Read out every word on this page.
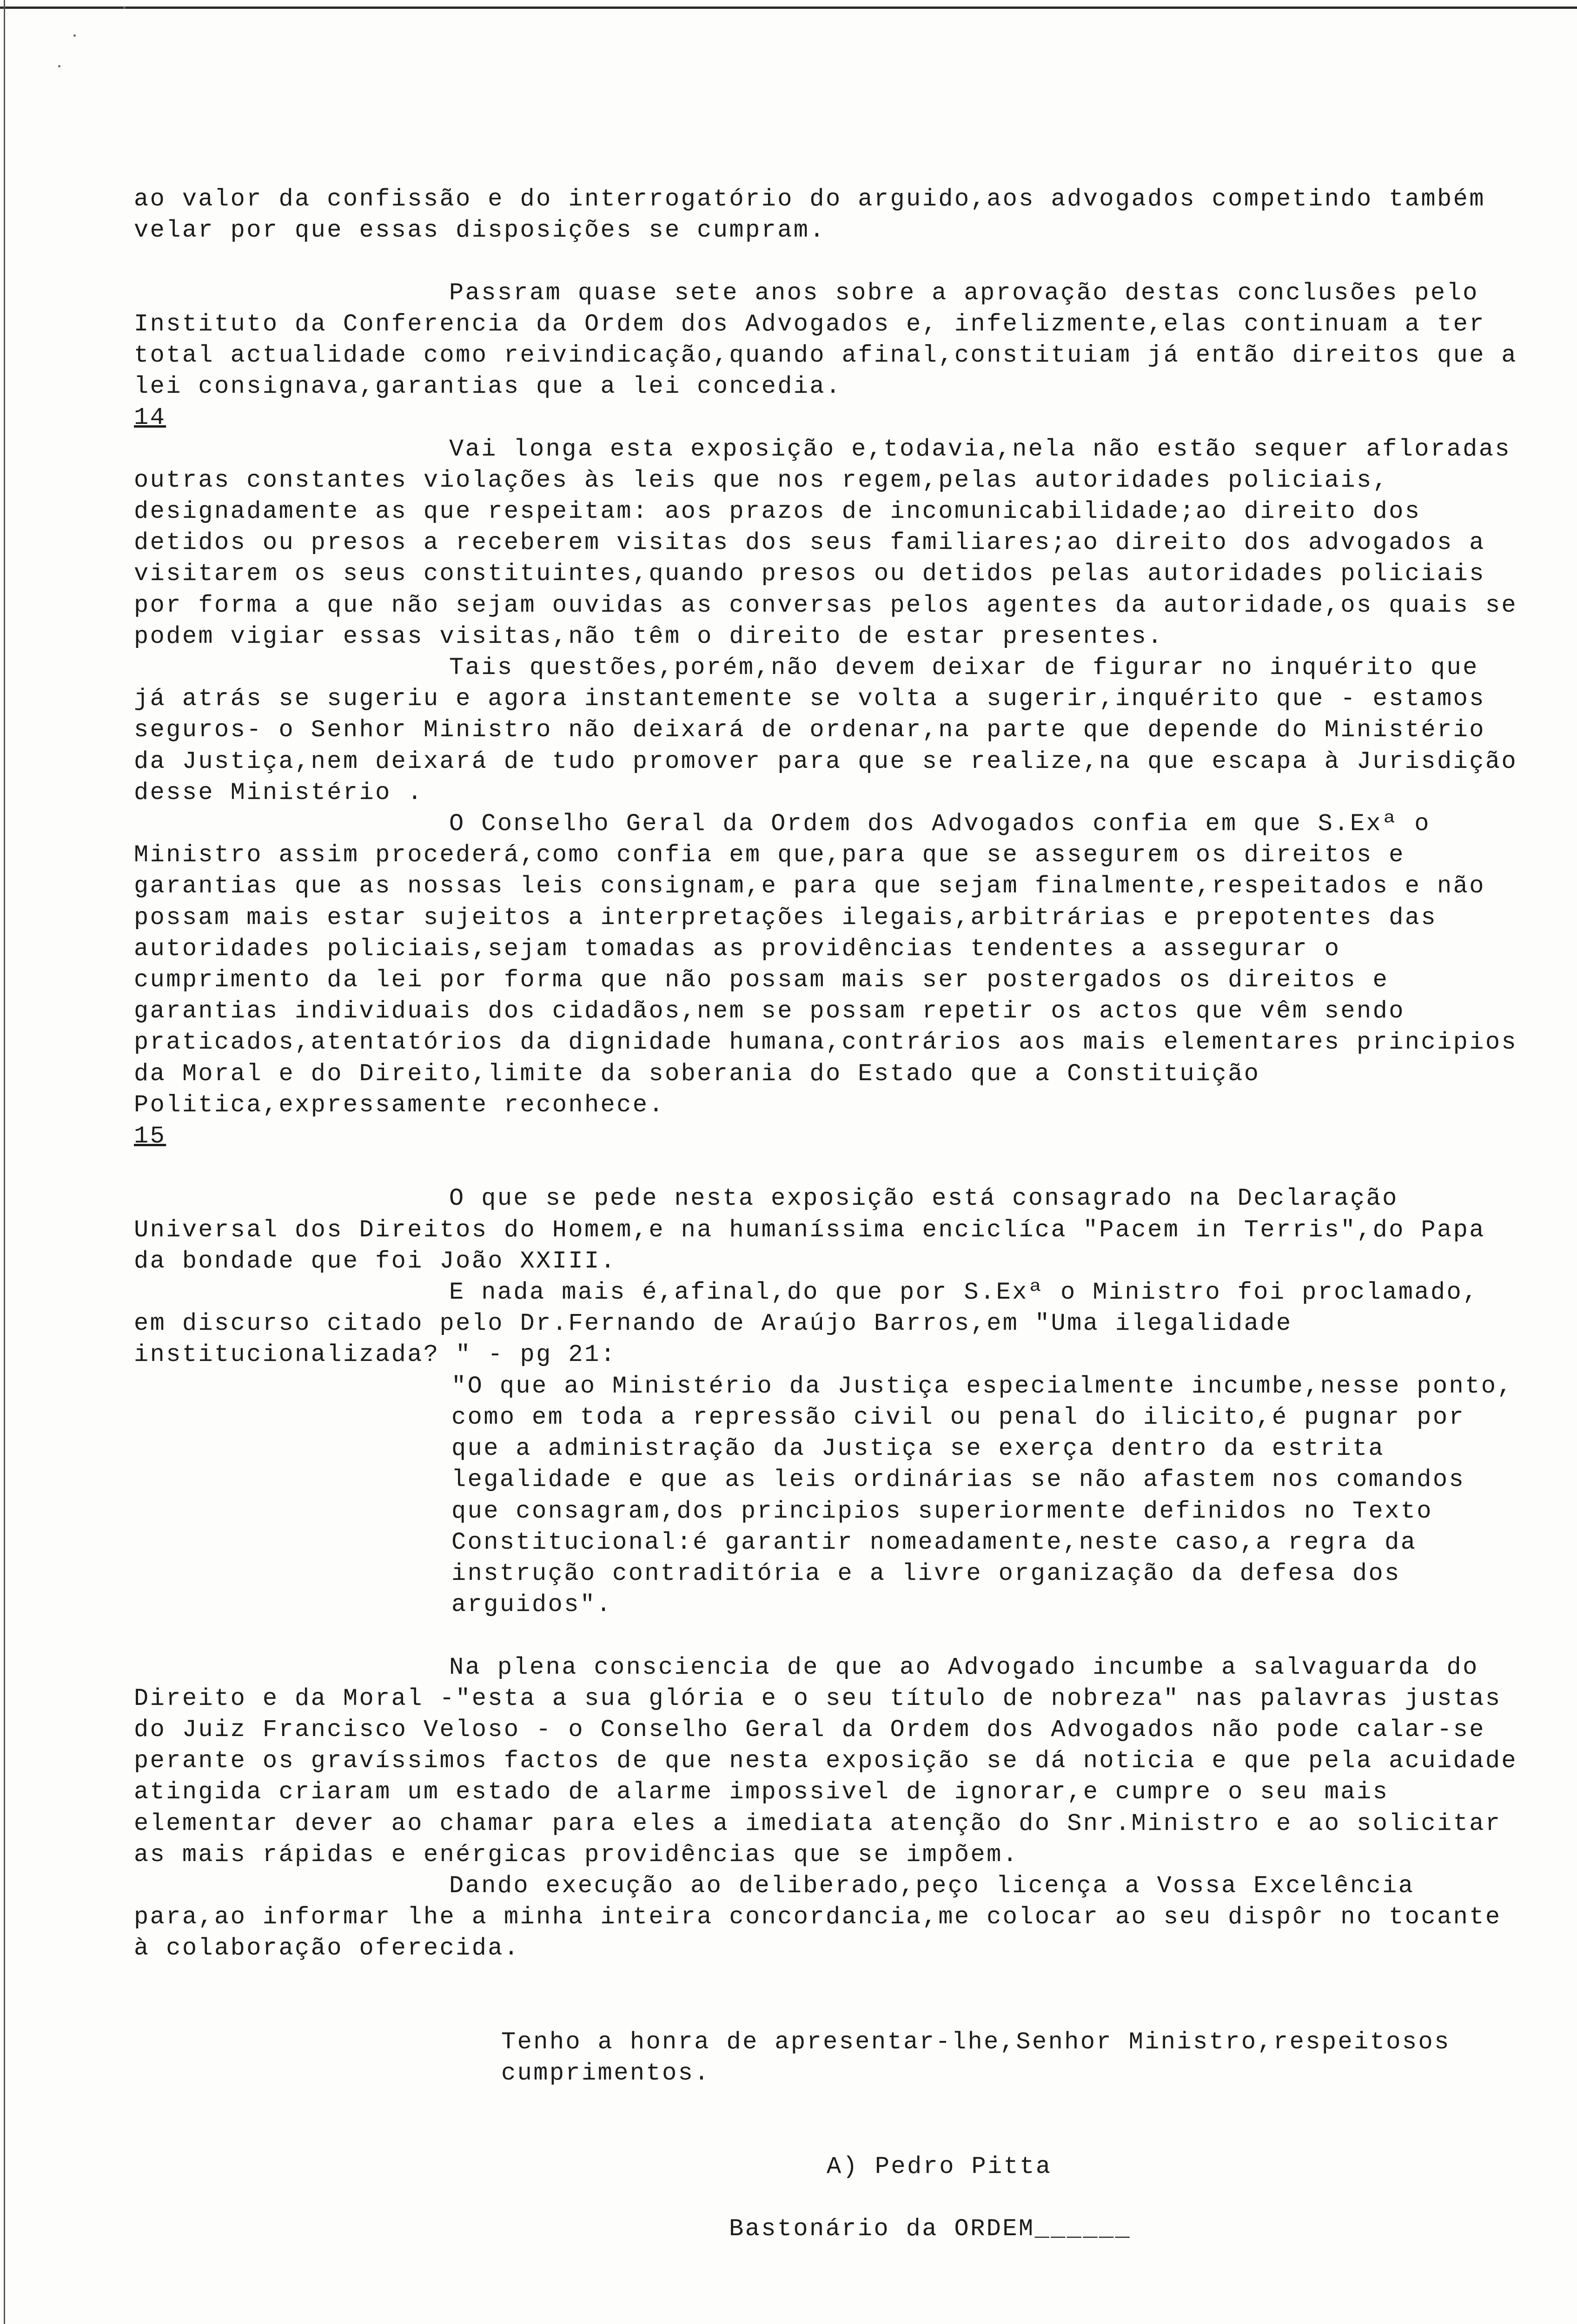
ao valor da confissão e do interrogatório do arguido,aos advogados competindo também velar por que essas disposições se cumpram.

Passram quase sete anos sobre a aprovação destas conclusões pelo Instituto da Conferencia da Ordem dos Advogados e, infelizmente,elas continuam a ter total actualidade como reivindicação,quando afinal,constituiam já então direitos que a lei consignava,garantias que a lei concedia.

14

Vai longa esta exposição e,todavia,nela não estão sequer afloradas outras constantes violações às leis que nos regem,pelas autoridades policiais, designadamente as que respeitam: aos prazos de incomunicabilidade;ao direito dos detidos ou presos a receberem visitas dos seus familiares;ao direito dos advogados a visitarem os seus constituintes,quando presos ou detidos pelas autoridades policiais por forma a que não sejam ouvidas as conversas pelos agentes da autoridade,os quais se podem vigiar essas visitas,não têm o direito de estar presentes.

Tais questões,porém,não devem deixar de figurar no inquérito que já atrás se sugeriu e agora instantemente se volta a sugerir,inquérito que - estamos seguros- o Senhor Ministro não deixará de ordenar,na parte que depende do Ministério da Justiça,nem deixará de tudo promover para que se realize,na que escapa à Jurisdição desse Ministério .

O Conselho Geral da Ordem dos Advogados confia em que S.Exª o Ministro assim procederá,como confia em que,para que se assegurem os direitos e garantias que as nossas leis consignam,e para que sejam finalmente,respeitados e não possam mais estar sujeitos a interpretações ilegais,arbitrárias e prepotentes das autoridades policiais,sejam tomadas as providências tendentes a assegurar o cumprimento da lei por forma que não possam mais ser postergados os direitos e garantias individuais dos cidadãos,nem se possam repetir os actos que vêm sendo praticados,atentatórios da dignidade humana,contrários aos mais elementares principios da Moral e do Direito,limite da soberania do Estado que a Constituição Politica,expressamente reconhece.

15

O que se pede nesta exposição está consagrado na Declaração Universal dos Direitos do Homem,e na humaníssima enciclíca "Pacem in Terris",do Papa da bondade que foi João XXIII.

E nada mais é,afinal,do que por S.Exª o Ministro foi proclamado, em discurso citado pelo Dr.Fernando de Araújo Barros,em "Uma ilegalidade institucionalizada? " - pg 21:

"O que ao Ministério da Justiça especialmente incumbe,nesse ponto, como em toda a repressão civil ou penal do ilicito,é pugnar por que a administração da Justiça se exerça dentro da estrita legalidade e que as leis ordinárias se não afastem nos comandos que consagram,dos principios superiormente definidos no Texto Constitucional:é garantir nomeadamente,neste caso,a regra da instrução contraditória e a livre organização da defesa dos arguidos".

Na plena consciencia de que ao Advogado incumbe a salvaguarda do Direito e da Moral -"esta a sua glória e o seu título de nobreza" nas palavras justas do Juiz Francisco Veloso - o Conselho Geral da Ordem dos Advogados não pode calar-se perante os gravíssimos factos de que nesta exposição se dá noticia e que pela acuidade atingida criaram um estado de alarme impossivel de ignorar,e cumpre o seu mais elementar dever ao chamar para eles a imediata atenção do Snr.Ministro e ao solicitar as mais rápidas e enérgicas providências que se impõem.

Dando execução ao deliberado,peço licença a Vossa Excelência para,ao informar lhe a minha inteira concordancia,me colocar ao seu dispôr no tocante à colaboração oferecida.

Tenho a honra de apresentar-lhe,Senhor Ministro,respeitosos cumprimentos.

A) Pedro Pitta

Bastonário da ORDEM______
